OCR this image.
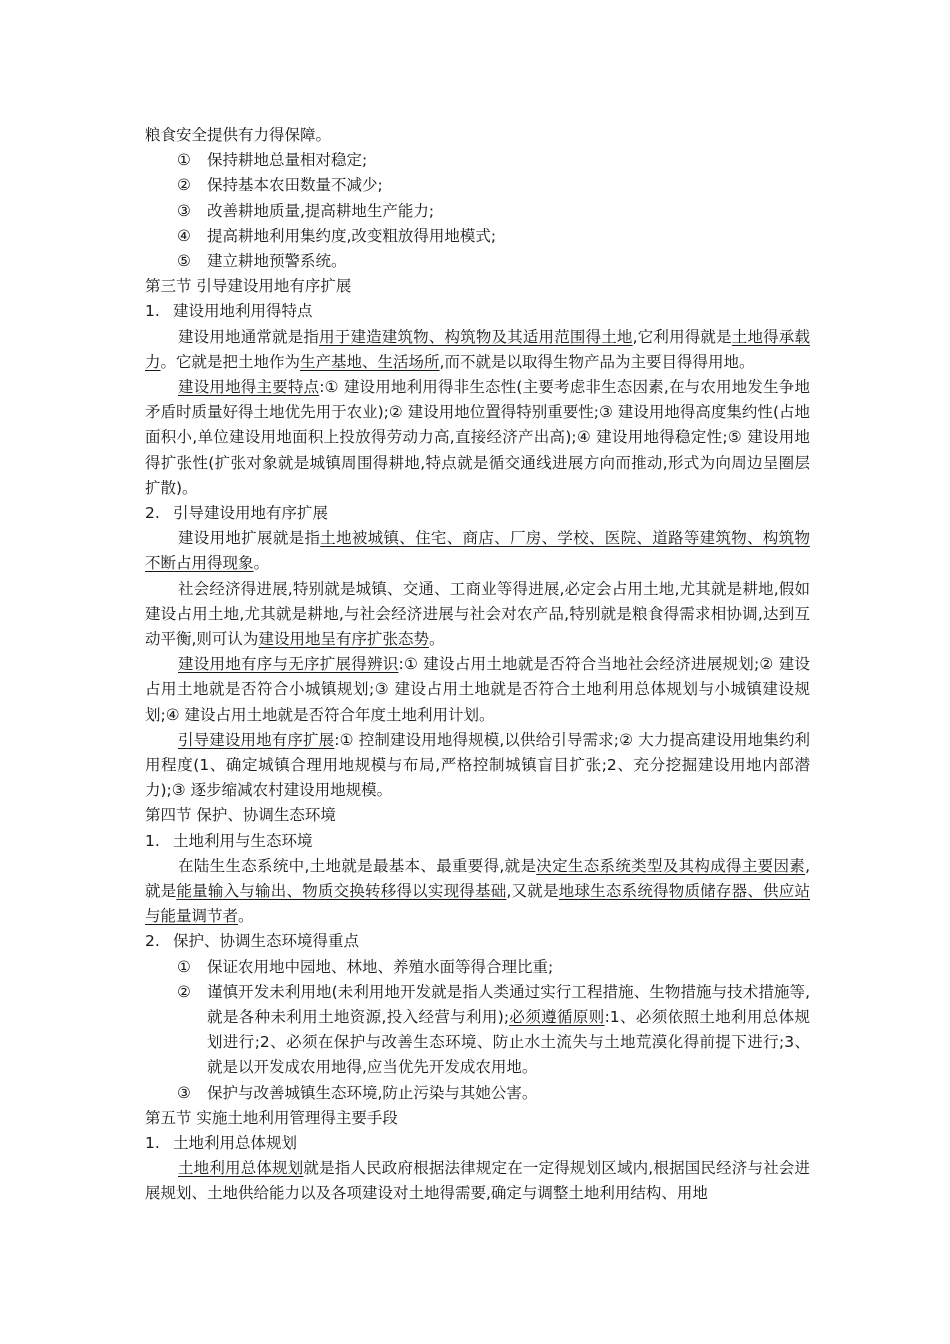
粮食安全提供有力得保障。
① 保持耕地总量相对稳定;
② 保持基本农田数量不减少;
③ 改善耕地质量,提高耕地生产能力;
④ 提高耕地利用集约度,改变粗放得用地模式;
⑤ 建立耕地预警系统。
第三节 引导建设用地有序扩展
1. 建设用地利用得特点

建设用地通常就是指用于建造建筑物、构筑物及其适用范围得土地,它利用得就是土地得承载力。它就是把土地作为生产基地、生活场所,而不就是以取得生物产品为主要目得得用地。

建设用地得主要特点:① 建设用地利用得非生态性(主要考虑非生态因素,在与农用地发生争地矛盾时质量好得土地优先用于农业);② 建设用地位置得特别重要性;③ 建设用地得高度集约性(占地面积小,单位建设用地面积上投放得劳动力高,直接经济产出高);④ 建设用地得稳定性;⑤ 建设用地得扩张性(扩张对象就是城镇周围得耕地,特点就是循交通线进展方向而推动,形式为向周边呈圈层扩散)。

2. 引导建设用地有序扩展

建设用地扩展就是指土地被城镇、住宅、商店、厂房、学校、医院、道路等建筑物、构筑物不断占用得现象。

社会经济得进展,特别就是城镇、交通、工商业等得进展,必定会占用土地,尤其就是耕地,假如建设占用土地,尤其就是耕地,与社会经济进展与社会对农产品,特别就是粮食得需求相协调,达到互动平衡,则可认为建设用地呈有序扩张态势。

建设用地有序与无序扩展得辨识:① 建设占用土地就是否符合当地社会经济进展规划;② 建设占用土地就是否符合小城镇规划;③ 建设占用土地就是否符合土地利用总体规划与小城镇建设规划;④ 建设占用土地就是否符合年度土地利用计划。

引导建设用地有序扩展:① 控制建设用地得规模,以供给引导需求;② 大力提高建设用地集约利用程度(1、确定城镇合理用地规模与布局,严格控制城镇盲目扩张;2、充分挖掘建设用地内部潜力);③ 逐步缩减农村建设用地规模。

第四节 保护、协调生态环境
1. 土地利用与生态环境

在陆生生态系统中,土地就是最基本、最重要得,就是决定生态系统类型及其构成得主要因素,就是能量输入与输出、物质交换转移得以实现得基础,又就是地球生态系统得物质储存器、供应站与能量调节者。

2. 保护、协调生态环境得重点

① 保证农用地中园地、林地、养殖水面等得合理比重;

② 谨慎开发未利用地(未利用地开发就是指人类通过实行工程措施、生物措施与技术措施等,就是各种未利用土地资源,投入经营与利用);必须遵循原则:1、必须依照土地利用总体规划进行;2、必须在保护与改善生态环境、防止水土流失与土地荒漠化得前提下进行;3、就是以开发成农用地得,应当优先开发成农用地。

③ 保护与改善城镇生态环境,防止污染与其她公害。

第五节 实施土地利用管理得主要手段
1. 土地利用总体规划

土地利用总体规划就是指人民政府根据法律规定在一定得规划区域内,根据国民经济与社会进展规划、土地供给能力以及各项建设对土地得需要,确定与调整土地利用结构、用地
